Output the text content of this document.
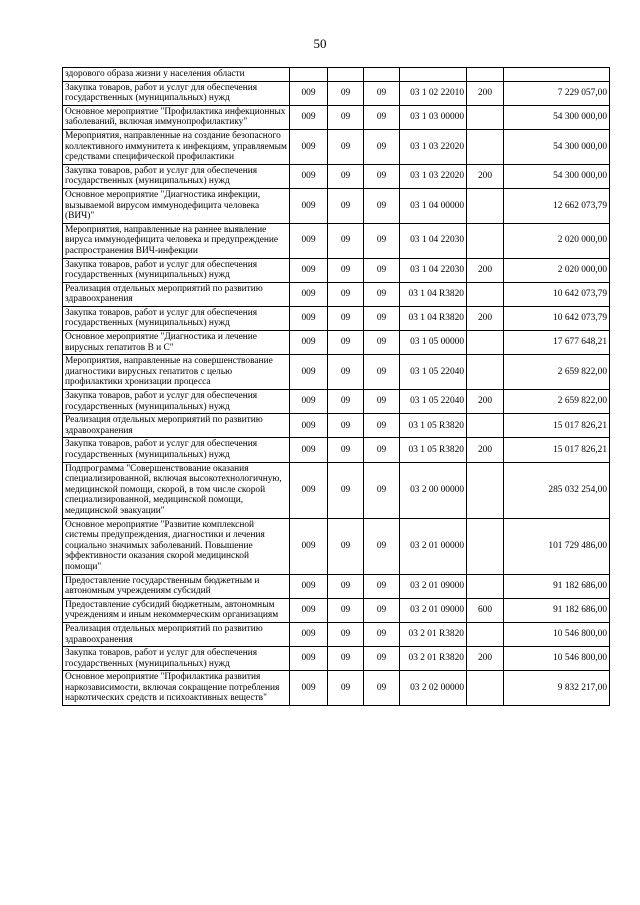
50
здорового образа жизни у населения области						
Закупка товаров, работ и услуг для обеспечения государственных (муниципальных) нужд	009	09	09	03 1 02 22010	200	7 229 057,00
Основное мероприятие "Профилактика инфекционных заболеваний, включая иммунопрофилактику"	009	09	09	03 1 03 00000		54 300 000,00
Мероприятия, направленные на создание безопасного коллективного иммунитета к инфекциям, управляемым средствами специфической профилактики	009	09	09	03 1 03 22020		54 300 000,00
Закупка товаров, работ и услуг для обеспечения государственных (муниципальных) нужд	009	09	09	03 1 03 22020	200	54 300 000,00
Основное мероприятие "Диагностика инфекции, вызываемой вирусом иммунодефицита человека (ВИЧ)"	009	09	09	03 1 04 00000		12 662 073,79
Мероприятия, направленные на раннее выявление вируса иммунодефицита человека и предупреждение распространения ВИЧ-инфекции	009	09	09	03 1 04 22030		2 020 000,00
Закупка товаров, работ и услуг для обеспечения государственных (муниципальных) нужд	009	09	09	03 1 04 22030	200	2 020 000,00
Реализация отдельных мероприятий по развитию здравоохранения	009	09	09	03 1 04 R3820		10 642 073,79
Закупка товаров, работ и услуг для обеспечения государственных (муниципальных) нужд	009	09	09	03 1 04 R3820	200	10 642 073,79
Основное мероприятие "Диагностика и лечение вирусных гепатитов В и С"	009	09	09	03 1 05 00000		17 677 648,21
Мероприятия, направленные на совершенствование диагностики вирусных гепатитов с целью профилактики хронизации процесса	009	09	09	03 1 05 22040		2 659 822,00
Закупка товаров, работ и услуг для обеспечения государственных (муниципальных) нужд	009	09	09	03 1 05 22040	200	2 659 822,00
Реализация отдельных мероприятий по развитию здравоохранения	009	09	09	03 1 05 R3820		15 017 826,21
Закупка товаров, работ и услуг для обеспечения государственных (муниципальных) нужд	009	09	09	03 1 05 R3820	200	15 017 826,21
Подпрограмма "Совершенствование оказания специализированной, включая высокотехнологичную, медицинской помощи, скорой, в том числе скорой специализированной, медицинской помощи, медицинской эвакуации"	009	09	09	03 2 00 00000		285 032 254,00
Основное мероприятие "Развитие комплексной системы предупреждения, диагностики и лечения социально значимых заболеваний. Повышение эффективности оказания скорой медицинской помощи"	009	09	09	03 2 01 00000		101 729 486,00
Предоставление государственным бюджетным и автономным учреждениям субсидий	009	09	09	03 2 01 09000		91 182 686,00
Предоставление субсидий бюджетным, автономным учреждениям и иным некоммерческим организациям	009	09	09	03 2 01 09000	600	91 182 686,00
Реализация отдельных мероприятий по развитию здравоохранения	009	09	09	03 2 01 R3820		10 546 800,00
Закупка товаров, работ и услуг для обеспечения государственных (муниципальных) нужд	009	09	09	03 2 01 R3820	200	10 546 800,00
Основное мероприятие "Профилактика развития наркозависимости, включая сокращение потребления наркотических средств и психоактивных веществ"	009	09	09	03 2 02 00000		9 832 217,00
